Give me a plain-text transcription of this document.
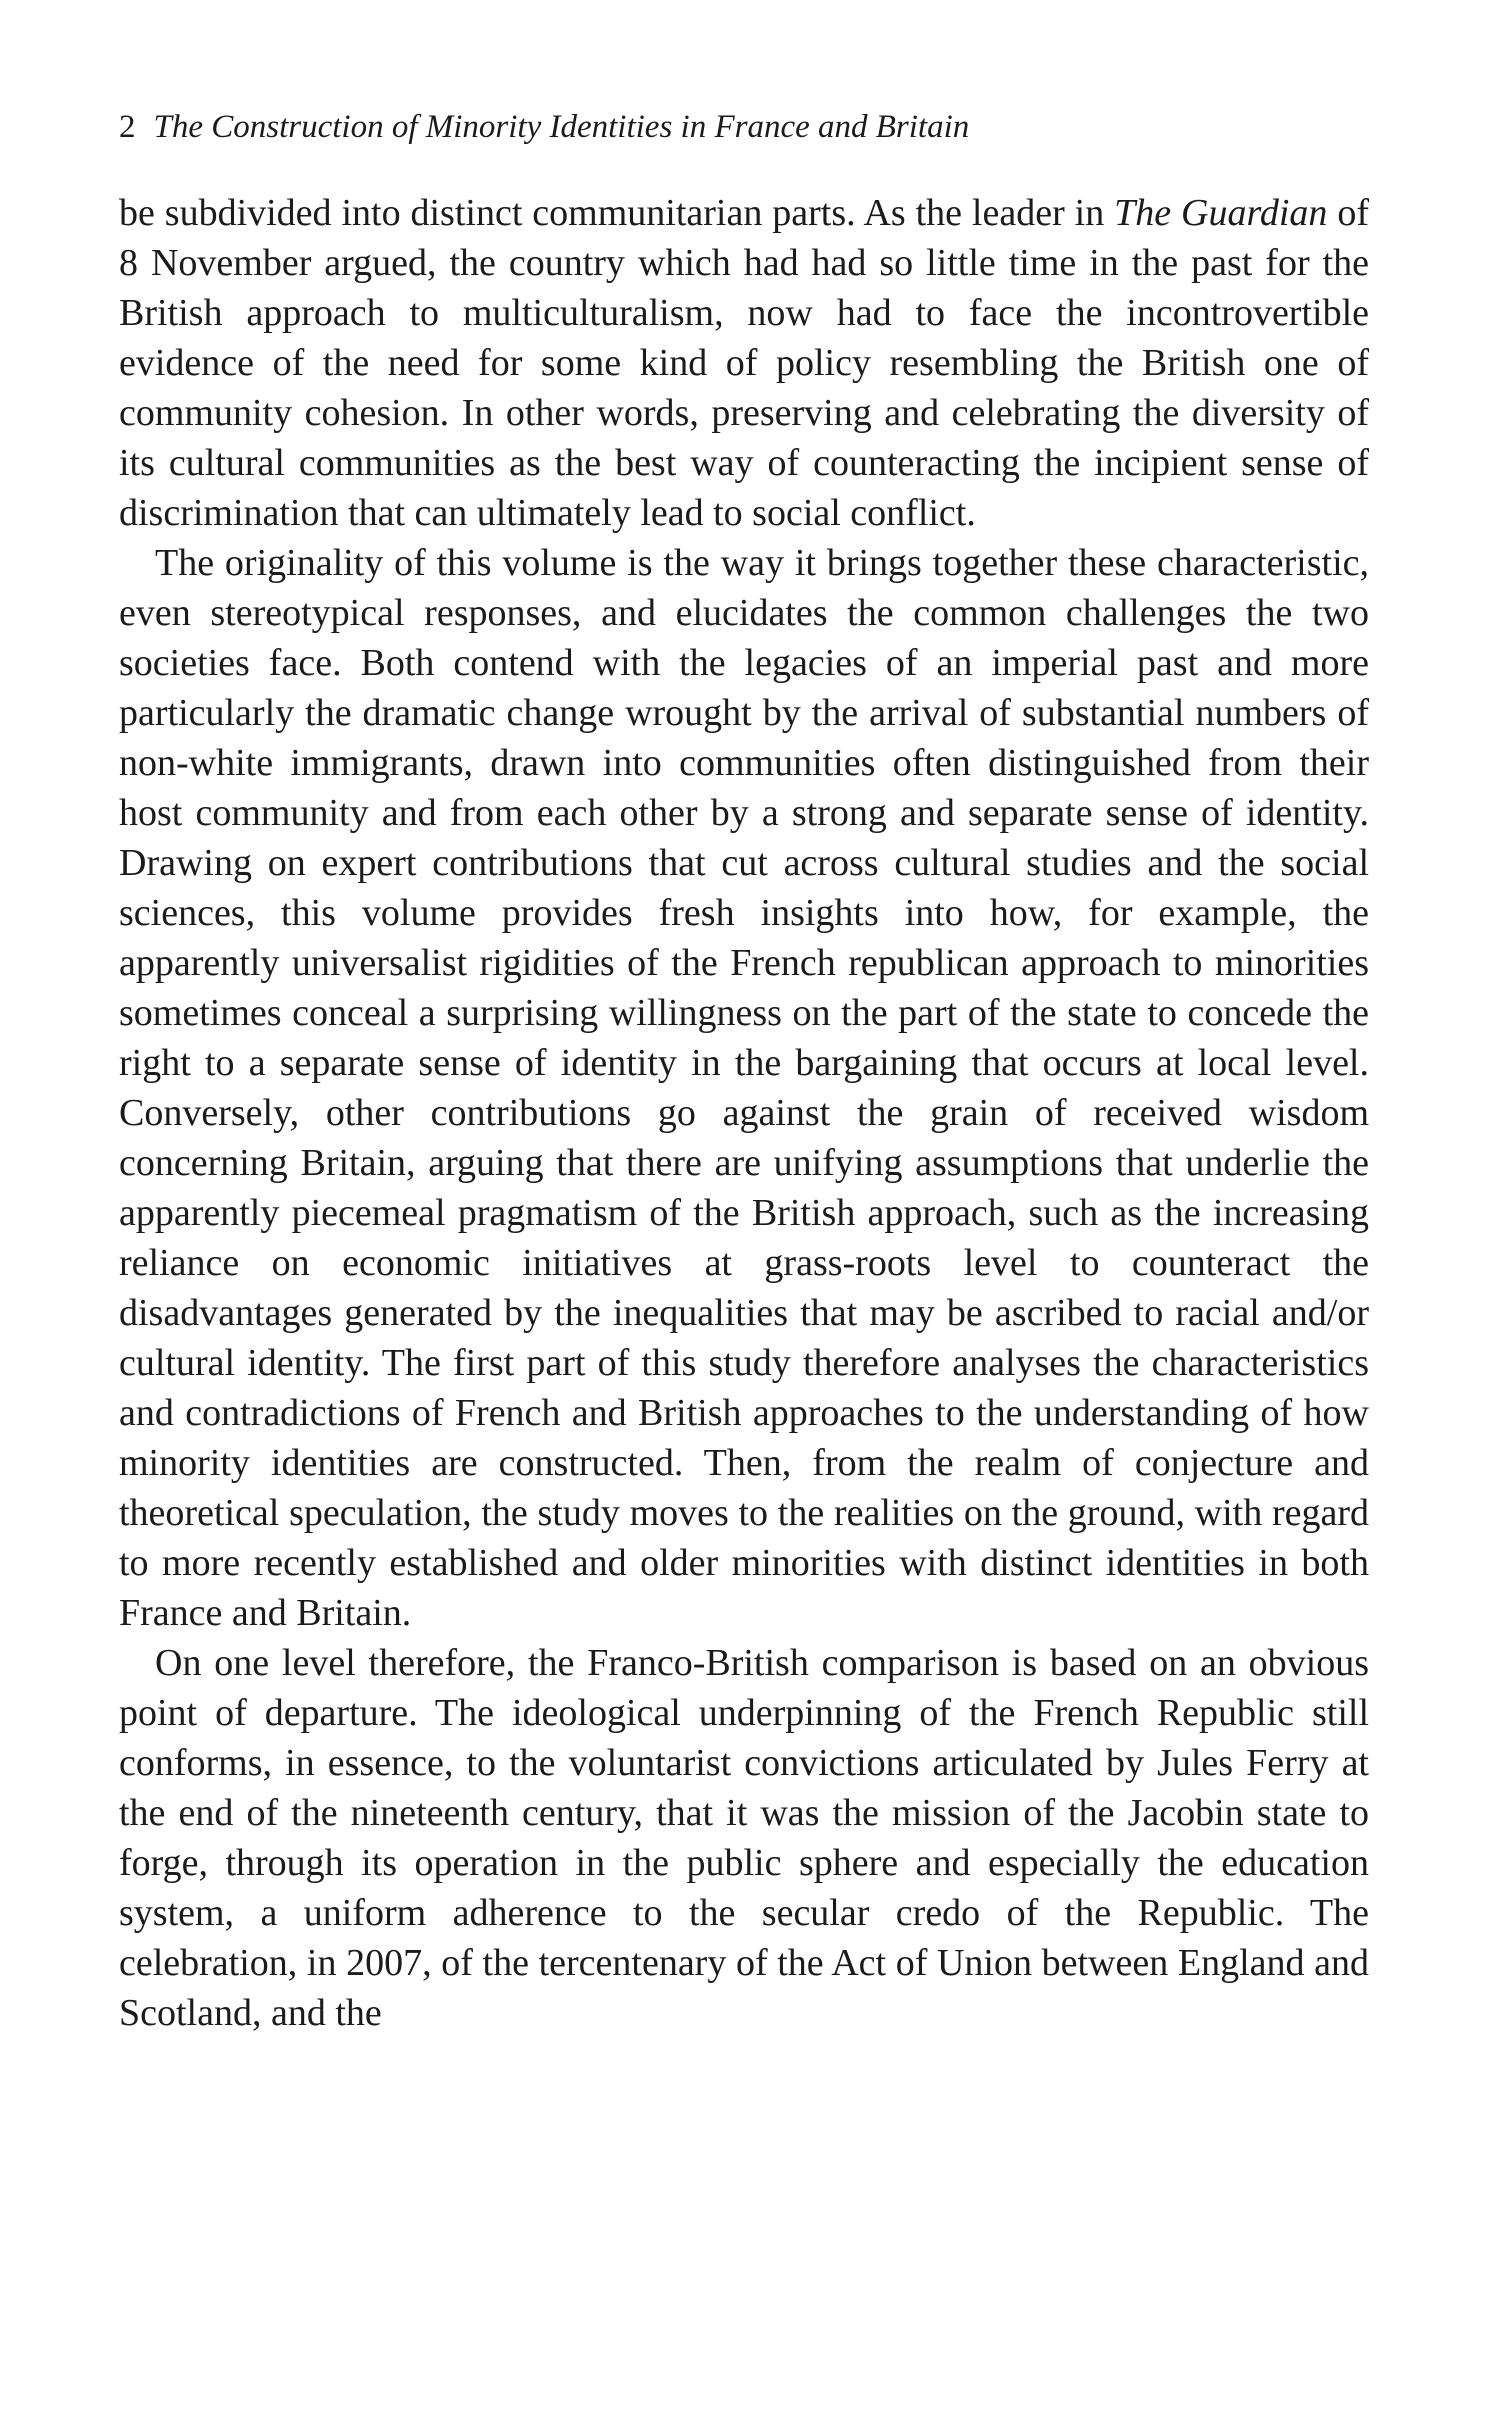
2 The Construction of Minority Identities in France and Britain

be subdivided into distinct communitarian parts. As the leader in The Guardian of 8 November argued, the country which had had so little time in the past for the British approach to multiculturalism, now had to face the incontrovertible evidence of the need for some kind of policy resembling the British one of community cohesion. In other words, preserving and celebrating the diversity of its cultural communities as the best way of counteracting the incipient sense of discrimination that can ultimately lead to social conflict.

The originality of this volume is the way it brings together these characteristic, even stereotypical responses, and elucidates the common challenges the two societies face. Both contend with the legacies of an imperial past and more particularly the dramatic change wrought by the arrival of substantial numbers of non-white immigrants, drawn into communities often distinguished from their host community and from each other by a strong and separate sense of identity. Drawing on expert contributions that cut across cultural studies and the social sciences, this volume provides fresh insights into how, for example, the apparently universalist rigidities of the French republican approach to minorities sometimes conceal a surprising willingness on the part of the state to concede the right to a separate sense of identity in the bargaining that occurs at local level. Conversely, other contributions go against the grain of received wisdom concerning Britain, arguing that there are unifying assumptions that underlie the apparently piecemeal pragmatism of the British approach, such as the increasing reliance on economic initiatives at grass-roots level to counteract the disadvantages generated by the inequalities that may be ascribed to racial and/or cultural identity. The first part of this study therefore analyses the characteristics and contradictions of French and British approaches to the understanding of how minority identities are constructed. Then, from the realm of conjecture and theoretical speculation, the study moves to the realities on the ground, with regard to more recently established and older minorities with distinct identities in both France and Britain.

On one level therefore, the Franco-British comparison is based on an obvious point of departure. The ideological underpinning of the French Republic still conforms, in essence, to the voluntarist convictions articulated by Jules Ferry at the end of the nineteenth century, that it was the mission of the Jacobin state to forge, through its operation in the public sphere and especially the education system, a uniform adherence to the secular credo of the Republic. The celebration, in 2007, of the tercentenary of the Act of Union between England and Scotland, and the
